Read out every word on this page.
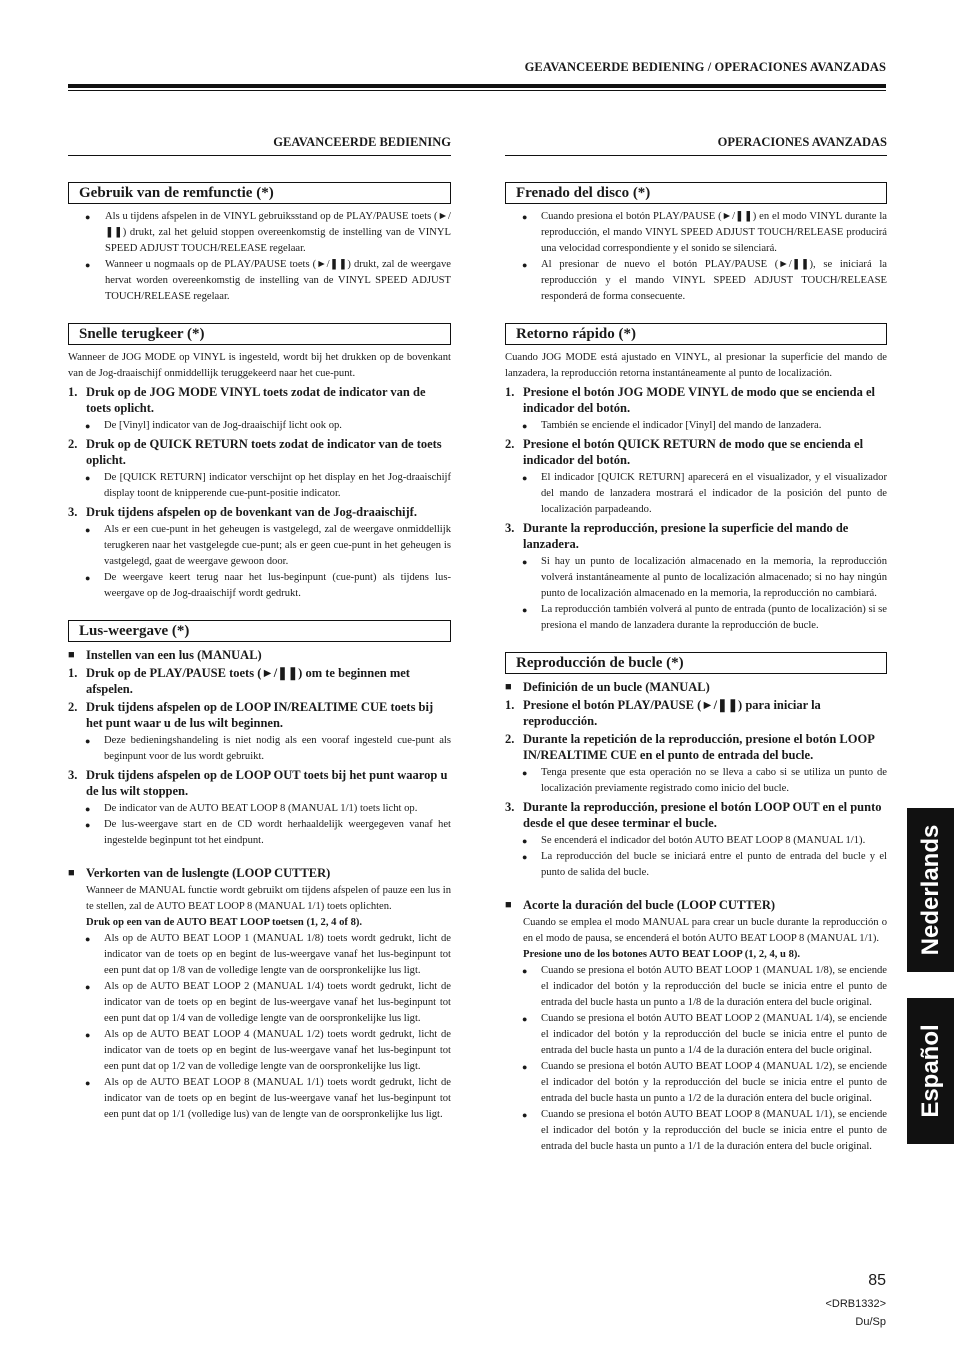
GEAVANCEERDE BEDIENING / OPERACIONES AVANZADAS
GEAVANCEERDE BEDIENING	OPERACIONES AVANZADAS
Gebruik van de remfunctie (*)
● Als u tijdens afspelen in de VINYL gebruiksstand op de PLAY/PAUSE toets (►/❚❚) drukt, zal het geluid stoppen overeenkomstig de instelling van de VINYL SPEED ADJUST TOUCH/RELEASE regelaar.
● Wanneer u nogmaals op de PLAY/PAUSE toets (►/❚❚) drukt, zal de weergave hervat worden overeenkomstig de instelling van de VINYL SPEED ADJUST TOUCH/RELEASE regelaar.
Snelle terugkeer (*)
Wanneer de JOG MODE op VINYL is ingesteld, wordt bij het drukken op de bovenkant van de Jog-draaischijf onmiddellijk teruggekeerd naar het cue-punt.
1. Druk op de JOG MODE VINYL toets zodat de indicator van de toets oplicht.
● De [Vinyl] indicator van de Jog-draaischijf licht ook op.
2. Druk op de QUICK RETURN toets zodat de indicator van de toets oplicht.
● De [QUICK RETURN] indicator verschijnt op het display en het Jog-draaischijf display toont de knipperende cue-punt-positie indicator.
3. Druk tijdens afspelen op de bovenkant van de Jog-draaischijf.
● Als er een cue-punt in het geheugen is vastgelegd, zal de weergave onmiddellijk terugkeren naar het vastgelegde cue-punt; als er geen cue-punt in het geheugen is vastgelegd, gaat de weergave gewoon door.
● De weergave keert terug naar het lus-beginpunt (cue-punt) als tijdens lus-weergave op de Jog-draaischijf wordt gedrukt.
Lus-weergave (*)
■ Instellen van een lus (MANUAL)
1. Druk op de PLAY/PAUSE toets (►/❚❚) om te beginnen met afspelen.
2. Druk tijdens afspelen op de LOOP IN/REALTIME CUE toets bij het punt waar u de lus wilt beginnen.
● Deze bedieningshandeling is niet nodig als een vooraf ingesteld cue-punt als beginpunt voor de lus wordt gebruikt.
3. Druk tijdens afspelen op de LOOP OUT toets bij het punt waarop u de lus wilt stoppen.
● De indicator van de AUTO BEAT LOOP 8 (MANUAL 1/1) toets licht op.
● De lus-weergave start en de CD wordt herhaaldelijk weergegeven vanaf het ingestelde beginpunt tot het eindpunt.
■ Verkorten van de luslengte (LOOP CUTTER)
Wanneer de MANUAL functie wordt gebruikt om tijdens afspelen of pauze een lus in te stellen, zal de AUTO BEAT LOOP 8 (MANUAL 1/1) toets oplichten.
Druk op een van de AUTO BEAT LOOP toetsen (1, 2, 4 of 8).
● Als op de AUTO BEAT LOOP 1 (MANUAL 1/8) toets wordt gedrukt, licht de indicator van de toets op en begint de lus-weergave vanaf het lus-beginpunt tot een punt dat op 1/8 van de volledige lengte van de oorspronkelijke lus ligt.
● Als op de AUTO BEAT LOOP 2 (MANUAL 1/4) toets wordt gedrukt, licht de indicator van de toets op en begint de lus-weergave vanaf het lus-beginpunt tot een punt dat op 1/4 van de volledige lengte van de oorspronkelijke lus ligt.
● Als op de AUTO BEAT LOOP 4 (MANUAL 1/2) toets wordt gedrukt, licht de indicator van de toets op en begint de lus-weergave vanaf het lus-beginpunt tot een punt dat op 1/2 van de volledige lengte van de oorspronkelijke lus ligt.
● Als op de AUTO BEAT LOOP 8 (MANUAL 1/1) toets wordt gedrukt, licht de indicator van de toets op en begint de lus-weergave vanaf het lus-beginpunt tot een punt dat op 1/1 (volledige lus) van de lengte van de oorspronkelijke lus ligt.
Frenado del disco (*)
● Cuando presiona el botón PLAY/PAUSE (►/❚❚) en el modo VINYL durante la reproducción, el mando VINYL SPEED ADJUST TOUCH/RELEASE producirá una velocidad correspondiente y el sonido se silenciará.
● Al presionar de nuevo el botón PLAY/PAUSE (►/❚❚), se iniciará la reproducción y el mando VINYL SPEED ADJUST TOUCH/RELEASE responderá de forma consecuente.
Retorno rápido (*)
Cuando JOG MODE está ajustado en VINYL, al presionar la superficie del mando de lanzadera, la reproducción retorna instantáneamente al punto de localización.
1. Presione el botón JOG MODE VINYL de modo que se encienda el indicador del botón.
● También se enciende el indicador [Vinyl] del mando de lanzadera.
2. Presione el botón QUICK RETURN de modo que se encienda el indicador del botón.
● El indicador [QUICK RETURN] aparecerá en el visualizador, y el visualizador del mando de lanzadera mostrará el indicador de la posición del punto de localización parpadeando.
3. Durante la reproducción, presione la superficie del mando de lanzadera.
● Si hay un punto de localización almacenado en la memoria, la reproducción volverá instantáneamente al punto de localización almacenado; si no hay ningún punto de localización almacenado en la memoria, la reproducción no cambiará.
● La reproducción también volverá al punto de entrada (punto de localización) si se presiona el mando de lanzadera durante la reproducción de bucle.
Reproducción de bucle (*)
■ Definición de un bucle (MANUAL)
1. Presione el botón PLAY/PAUSE (►/❚❚) para iniciar la reproducción.
2. Durante la repetición de la reproducción, presione el botón LOOP IN/REALTIME CUE en el punto de entrada del bucle.
● Tenga presente que esta operación no se lleva a cabo si se utiliza un punto de localización previamente registrado como inicio del bucle.
3. Durante la reproducción, presione el botón LOOP OUT en el punto desde el que desee terminar el bucle.
● Se encenderá el indicador del botón AUTO BEAT LOOP 8 (MANUAL 1/1).
● La reproducción del bucle se iniciará entre el punto de entrada del bucle y el punto de salida del bucle.
■ Acorte la duración del bucle (LOOP CUTTER)
Cuando se emplea el modo MANUAL para crear un bucle durante la reproducción o en el modo de pausa, se encenderá el botón AUTO BEAT LOOP 8 (MANUAL 1/1).
Presione uno de los botones AUTO BEAT LOOP (1, 2, 4, u 8).
● Cuando se presiona el botón AUTO BEAT LOOP 1 (MANUAL 1/8), se enciende el indicador del botón y la reproducción del bucle se inicia entre el punto de entrada del bucle hasta un punto a 1/8 de la duración entera del bucle original.
● Cuando se presiona el botón AUTO BEAT LOOP 2 (MANUAL 1/4), se enciende el indicador del botón y la reproducción del bucle se inicia entre el punto de entrada del bucle hasta un punto a 1/4 de la duración entera del bucle original.
● Cuando se presiona el botón AUTO BEAT LOOP 4 (MANUAL 1/2), se enciende el indicador del botón y la reproducción del bucle se inicia entre el punto de entrada del bucle hasta un punto a 1/2 de la duración entera del bucle original.
● Cuando se presiona el botón AUTO BEAT LOOP 8 (MANUAL 1/1), se enciende el indicador del botón y la reproducción del bucle se inicia entre el punto de entrada del bucle hasta un punto a 1/1 de la duración entera del bucle original.
Nederlands
Español
85
<DRB1332>
Du/Sp
